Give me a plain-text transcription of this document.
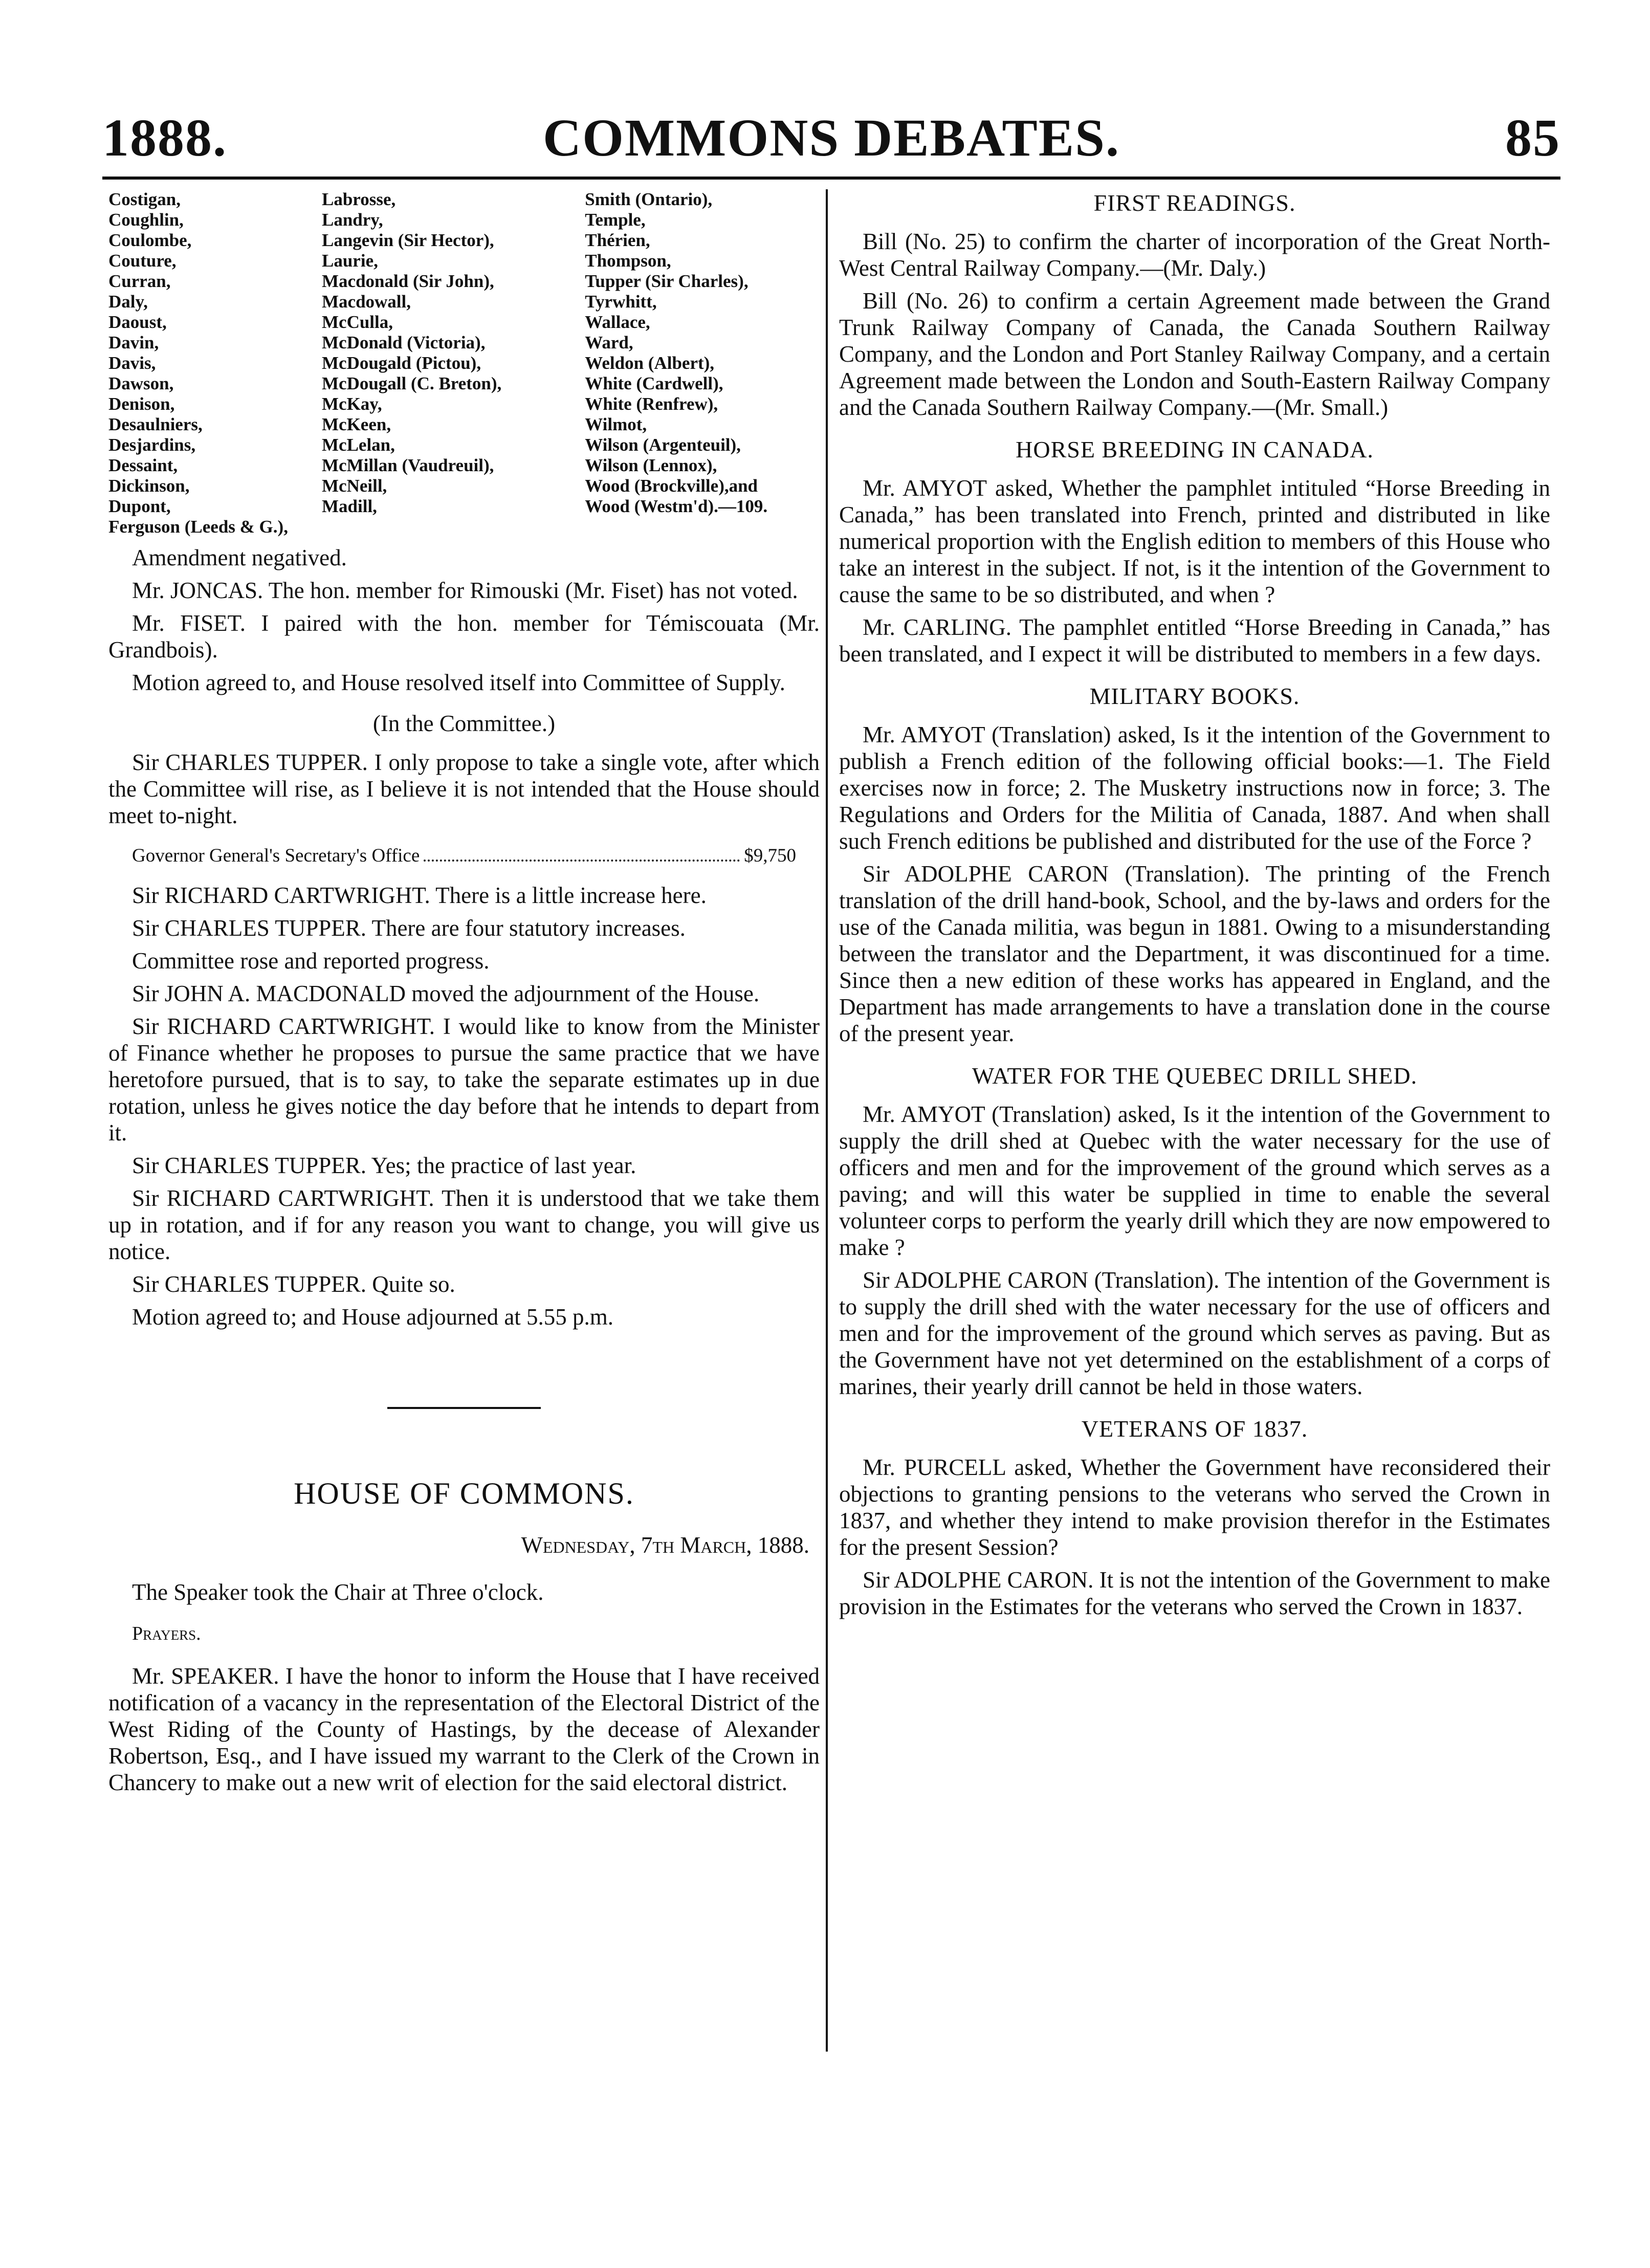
1888.	COMMONS DEBATES.	85
Costigan,	Labrosse,	Smith (Ontario),
Coughlin,	Landry,	Temple,
Coulombe,	Langevin (Sir Hector),	Thérien,
Couture,	Laurie,	Thompson,
Curran,	Macdonald (Sir John),	Tupper (Sir Charles),
Daly,	Macdowall,	Tyrwhitt,
Daoust,	McCulla,	Wallace,
Davin,	McDonald (Victoria),	Ward,
Davis,	McDougald (Pictou),	Weldon (Albert),
Dawson,	McDougall (C. Breton),	White (Cardwell),
Denison,	McKay,	White (Renfrew),
Desaulniers,	McKeen,	Wilmot,
Desjardins,	McLelan,	Wilson (Argenteuil),
Dessaint,	McMillan (Vaudreuil),	Wilson (Lennox),
Dickinson,	McNeill,	Wood (Brockville),and
Dupont,	Madill,	Wood (Westm'd).—109.
Ferguson (Leeds & G.),

Amendment negatived.

Mr. JONCAS. The hon. member for Rimouski (Mr. Fiset) has not voted.

Mr. FISET. I paired with the hon. member for Témiscouata (Mr. Grandbois).

Motion agreed to, and House resolved itself into Committee of Supply.

(In the Committee.)

Sir CHARLES TUPPER. I only propose to take a single vote, after which the Committee will rise, as I believe it is not intended that the House should meet to-night.

Governor General's Secretary's Office	$9,750

Sir RICHARD CARTWRIGHT. There is a little increase here.

Sir CHARLES TUPPER. There are four statutory increases.

Committee rose and reported progress.

Sir JOHN A. MACDONALD moved the adjournment of the House.

Sir RICHARD CARTWRIGHT. I would like to know from the Minister of Finance whether he proposes to pursue the same practice that we have heretofore pursued, that is to say, to take the separate estimates up in due rotation, unless he gives notice the day before that he intends to depart from it.

Sir CHARLES TUPPER. Yes; the practice of last year.

Sir RICHARD CARTWRIGHT. Then it is understood that we take them up in rotation, and if for any reason you want to change, you will give us notice.

Sir CHARLES TUPPER. Quite so.

Motion agreed to; and House adjourned at 5.55 p.m.

HOUSE OF COMMONS.
Wednesday, 7th March, 1888.

The Speaker took the Chair at Three o'clock.

Prayers.

Mr. SPEAKER. I have the honor to inform the House that I have received notification of a vacancy in the representation of the Electoral District of the West Riding of the County of Hastings, by the decease of Alexander Robertson, Esq., and I have issued my warrant to the Clerk of the Crown in Chancery to make out a new writ of election for the said electoral district.

FIRST READINGS.

Bill (No. 25) to confirm the charter of incorporation of the Great North-West Central Railway Company.—(Mr. Daly.)

Bill (No. 26) to confirm a certain Agreement made between the Grand Trunk Railway Company of Canada, the Canada Southern Railway Company, and the London and Port Stanley Railway Company, and a certain Agreement made between the London and South-Eastern Railway Company and the Canada Southern Railway Company.—(Mr. Small.)

HORSE BREEDING IN CANADA.

Mr. AMYOT asked, Whether the pamphlet intituled “Horse Breeding in Canada,” has been translated into French, printed and distributed in like numerical proportion with the English edition to members of this House who take an interest in the subject. If not, is it the intention of the Government to cause the same to be so distributed, and when ?

Mr. CARLING. The pamphlet entitled “Horse Breeding in Canada,” has been translated, and I expect it will be distributed to members in a few days.

MILITARY BOOKS.

Mr. AMYOT (Translation) asked, Is it the intention of the Government to publish a French edition of the following official books:—1. The Field exercises now in force; 2. The Musketry instructions now in force; 3. The Regulations and Orders for the Militia of Canada, 1887. And when shall such French editions be published and distributed for the use of the Force ?

Sir ADOLPHE CARON (Translation). The printing of the French translation of the drill hand-book, School, and the by-laws and orders for the use of the Canada militia, was begun in 1881. Owing to a misunderstanding between the translator and the Department, it was discontinued for a time. Since then a new edition of these works has appeared in England, and the Department has made arrangements to have a translation done in the course of the present year.

WATER FOR THE QUEBEC DRILL SHED.

Mr. AMYOT (Translation) asked, Is it the intention of the Government to supply the drill shed at Quebec with the water necessary for the use of officers and men and for the improvement of the ground which serves as a paving; and will this water be supplied in time to enable the several volunteer corps to perform the yearly drill which they are now empowered to make ?

Sir ADOLPHE CARON (Translation). The intention of the Government is to supply the drill shed with the water necessary for the use of officers and men and for the improvement of the ground which serves as paving. But as the Government have not yet determined on the establishment of a corps of marines, their yearly drill cannot be held in those waters.

VETERANS OF 1837.

Mr. PURCELL asked, Whether the Government have reconsidered their objections to granting pensions to the veterans who served the Crown in 1837, and whether they intend to make provision therefor in the Estimates for the present Session?

Sir ADOLPHE CARON. It is not the intention of the Government to make provision in the Estimates for the veterans who served the Crown in 1837.
